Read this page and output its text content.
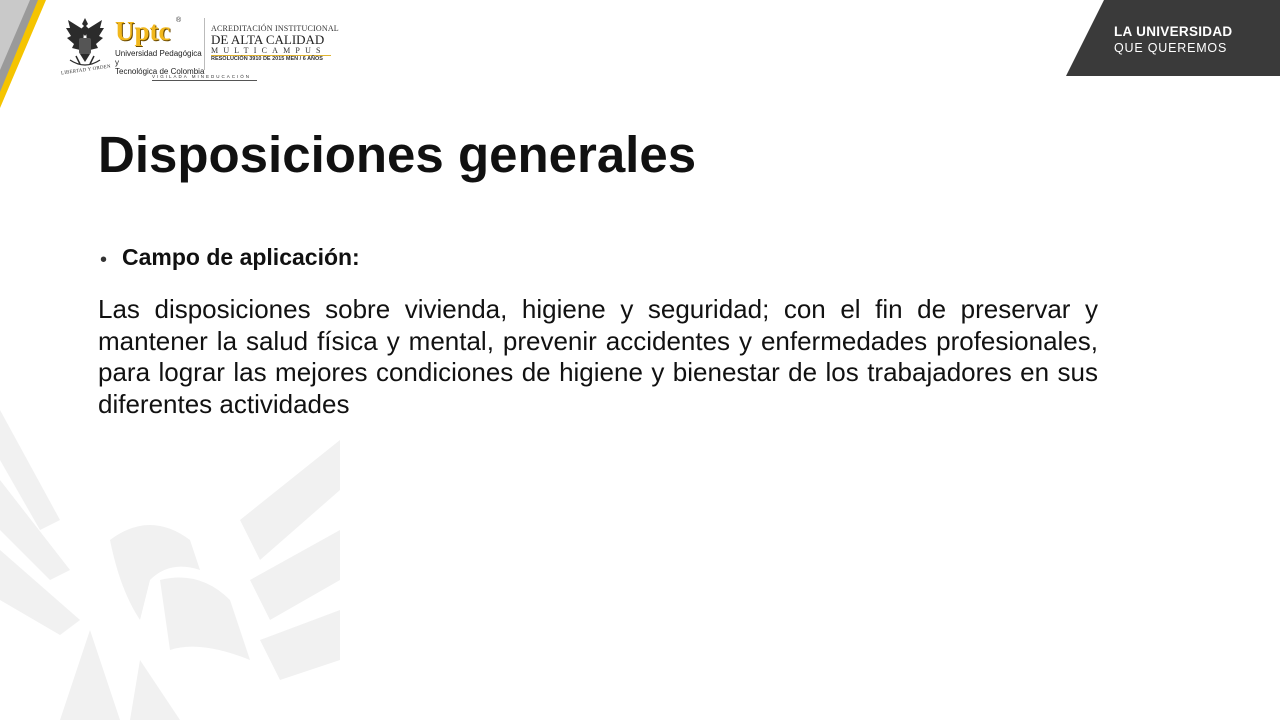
LIBERTAD Y ORDEN
Uptc ®
Universidad Pedagógica y
Tecnológica de Colombia
ACREDITACIÓN INSTITUCIONAL
DE ALTA CALIDAD
MULTICAMPUS
RESOLUCIÓN 3910 DE 2015 MEN / 6 AÑOS
VIGILADA MINEDUCACIÓN
LA UNIVERSIDAD
QUE QUEREMOS
Disposiciones generales
• Campo de aplicación:
Las disposiciones sobre vivienda, higiene y seguridad; con el fin de preservar y mantener la salud física y mental, prevenir accidentes y enfermedades profesionales, para lograr las mejores condiciones de higiene y bienestar de los trabajadores en sus diferentes actividades
